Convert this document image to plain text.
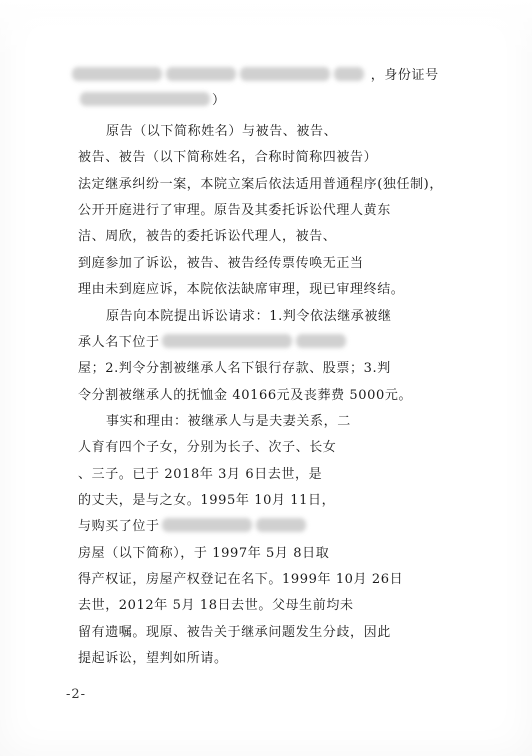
，身份证号
）
原告（以下简称姓名）与被告、被告、
被告、被告（以下简称姓名，合称时简称四被告）
法定继承纠纷一案，本院立案后依法适用普通程序(独任制)，
公开开庭进行了审理。原告及其委托诉讼代理人黄东
洁、周欣，被告的委托诉讼代理人，被告、
到庭参加了诉讼，被告、被告经传票传唤无正当
理由未到庭应诉，本院依法缺席审理，现已审理终结。
原告向本院提出诉讼请求：1.判令依法继承被继
承人名下位于
屋；2.判令分割被继承人名下银行存款、股票；3.判
令分割被继承人的抚恤金 40166元及丧葬费 5000元。
事实和理由：被继承人与是夫妻关系，二
人育有四个子女，分别为长子、次子、长女
、三子。已于 2018年 3月 6日去世，是
的丈夫，是与之女。1995年 10月 11日，
与购买了位于
房屋（以下简称），于 1997年 5月 8日取
得产权证，房屋产权登记在名下。1999年 10月 26日
去世，2012年 5月 18日去世。父母生前均未
留有遗嘱。现原、被告关于继承问题发生分歧，因此
提起诉讼，望判如所请。
-2-
